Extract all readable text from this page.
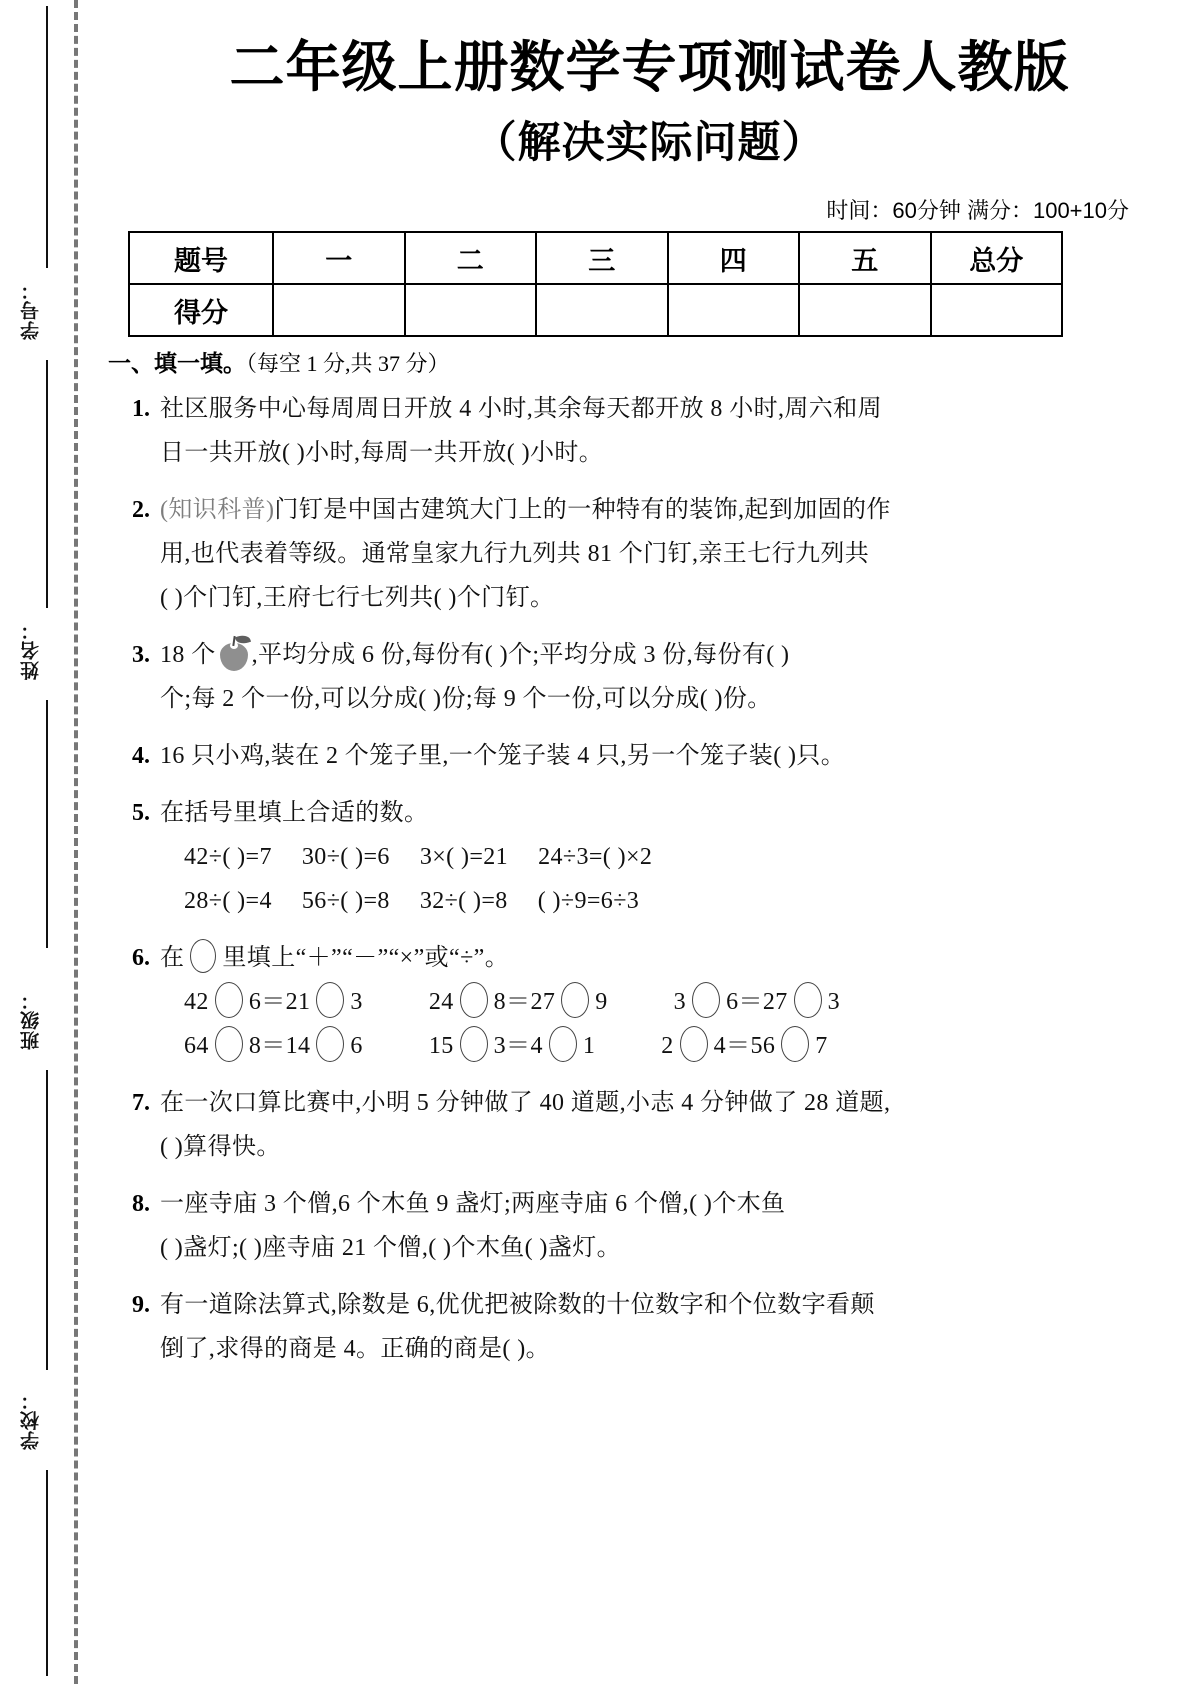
学号：
姓名：
班级：
学校：
二年级上册数学专项测试卷人教版
（解决实际问题）
时间：60分钟 满分：100+10分
题号	一	二	三	四	五	总分
得分						
一、填一填。（每空 1 分,共 37 分）
1. 社区服务中心每周周日开放 4 小时,其余每天都开放 8 小时,周六和周
日一共开放( )小时,每周一共开放( )小时。
2. (知识科普)门钉是中国古建筑大门上的一种特有的装饰,起到加固的作
用,也代表着等级。通常皇家九行九列共 81 个门钉,亲王七行九列共
( )个门钉,王府七行七列共( )个门钉。
3. 18 个 ,平均分成 6 份,每份有( )个;平均分成 3 份,每份有( )
个;每 2 个一份,可以分成( )份;每 9 个一份,可以分成( )份。
4. 16 只小鸡,装在 2 个笼子里,一个笼子装 4 只,另一个笼子装( )只。
5. 在括号里填上合适的数。
42÷( )=7 30÷( )=6 3×( )=21 24÷3=( )×2
28÷( )=4 56÷( )=8 32÷( )=8 ( )÷9=6÷3
6. 在 里填上“＋”“－”“×”或“÷”。
42 6＝21 3	24 8＝27 9	3 6＝27 3
64 8＝14 6	15 3＝4 1	2 4＝56 7
7. 在一次口算比赛中,小明 5 分钟做了 40 道题,小志 4 分钟做了 28 道题,
( )算得快。
8. 一座寺庙 3 个僧,6 个木鱼 9 盏灯;两座寺庙 6 个僧,( )个木鱼
( )盏灯;( )座寺庙 21 个僧,( )个木鱼( )盏灯。
9. 有一道除法算式,除数是 6,优优把被除数的十位数字和个位数字看颠
倒了,求得的商是 4。正确的商是( )。
